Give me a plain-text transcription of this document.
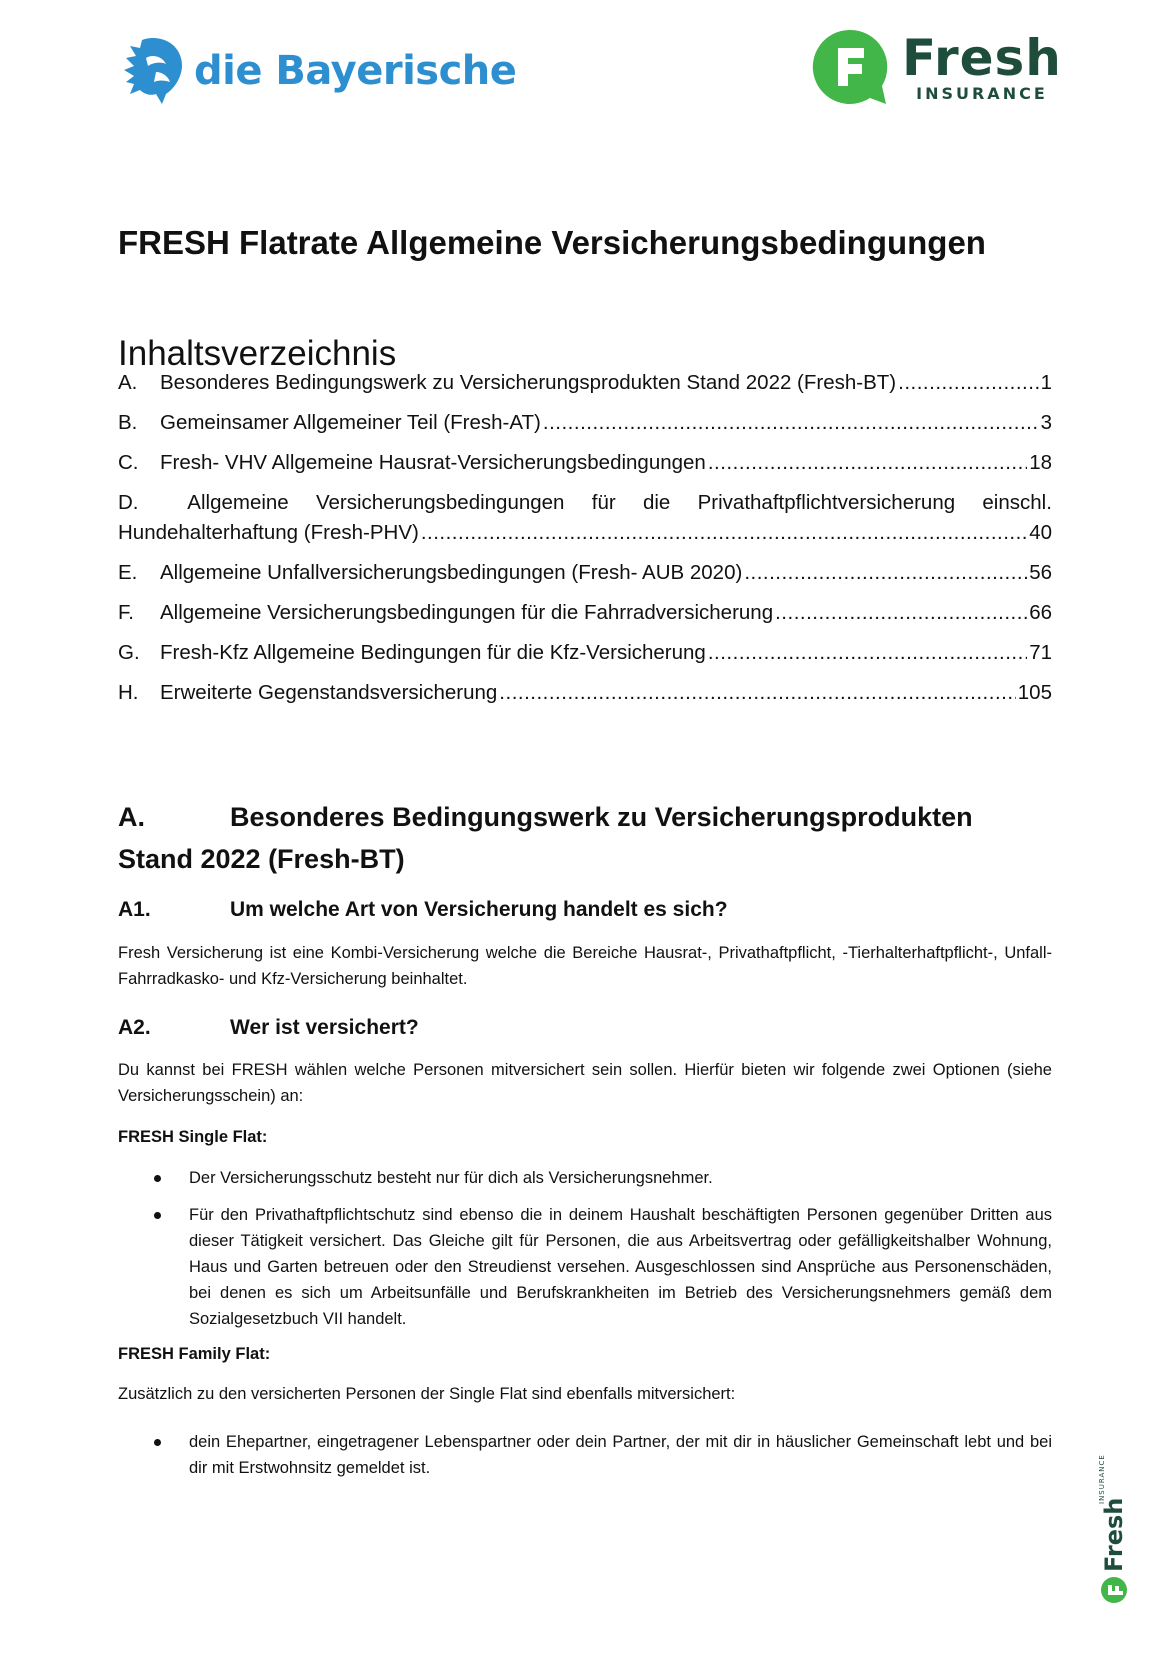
die Bayerische	Fresh
INSURANCE
FRESH Flatrate Allgemeine Versicherungsbedingungen
Inhaltsverzeichnis
A.	Besonderes Bedingungswerk zu Versicherungsprodukten Stand 2022 (Fresh-BT) .....	1
B.	Gemeinsamer Allgemeiner Teil (Fresh-AT) .....	3
C.	Fresh- VHV Allgemeine Hausrat-Versicherungsbedingungen .....	18
D.	Allgemeine Versicherungsbedingungen für die Privathaftpflichtversicherung einschl.
Hundehalterhaftung (Fresh-PHV) .....	40
E.	Allgemeine Unfallversicherungsbedingungen (Fresh- AUB 2020) .....	56
F.	Allgemeine Versicherungsbedingungen für die Fahrradversicherung .....	66
G. Fresh-Kfz Allgemeine Bedingungen für die Kfz-Versicherung .....	71
H.	Erweiterte Gegenstandsversicherung .....	105
A.	Besonderes Bedingungswerk zu Versicherungsprodukten
Stand 2022 (Fresh-BT)
A1.	Um welche Art von Versicherung handelt es sich?

Fresh Versicherung ist eine Kombi-Versicherung welche die Bereiche Hausrat-, Privathaftpflicht, -Tierhalterhaftpflicht-, Unfall- Fahrradkasko- und Kfz-Versicherung beinhaltet.

A2.	Wer ist versichert?

Du kannst bei FRESH wählen welche Personen mitversichert sein sollen. Hierfür bieten wir folgende zwei Optionen (siehe Versicherungsschein) an:

FRESH Single Flat:

Der Versicherungsschutz besteht nur für dich als Versicherungsnehmer.
Für den Privathaftpflichtschutz sind ebenso die in deinem Haushalt beschäftigten Personen gegenüber Dritten aus dieser Tätigkeit versichert. Das Gleiche gilt für Personen, die aus Arbeitsvertrag oder gefälligkeitshalber Wohnung, Haus und Garten betreuen oder den Streudienst versehen. Ausgeschlossen sind Ansprüche aus Personenschäden, bei denen es sich um Arbeitsunfälle und Berufskrankheiten im Betrieb des Versicherungsnehmers gemäß dem Sozialgesetzbuch VII handelt.

FRESH Family Flat:

Zusätzlich zu den versicherten Personen der Single Flat sind ebenfalls mitversichert:

dein Ehepartner, eingetragener Lebenspartner oder dein Partner, der mit dir in häuslicher Gemeinschaft lebt und bei dir mit Erstwohnsitz gemeldet ist.
Fresh
INSURANCE
